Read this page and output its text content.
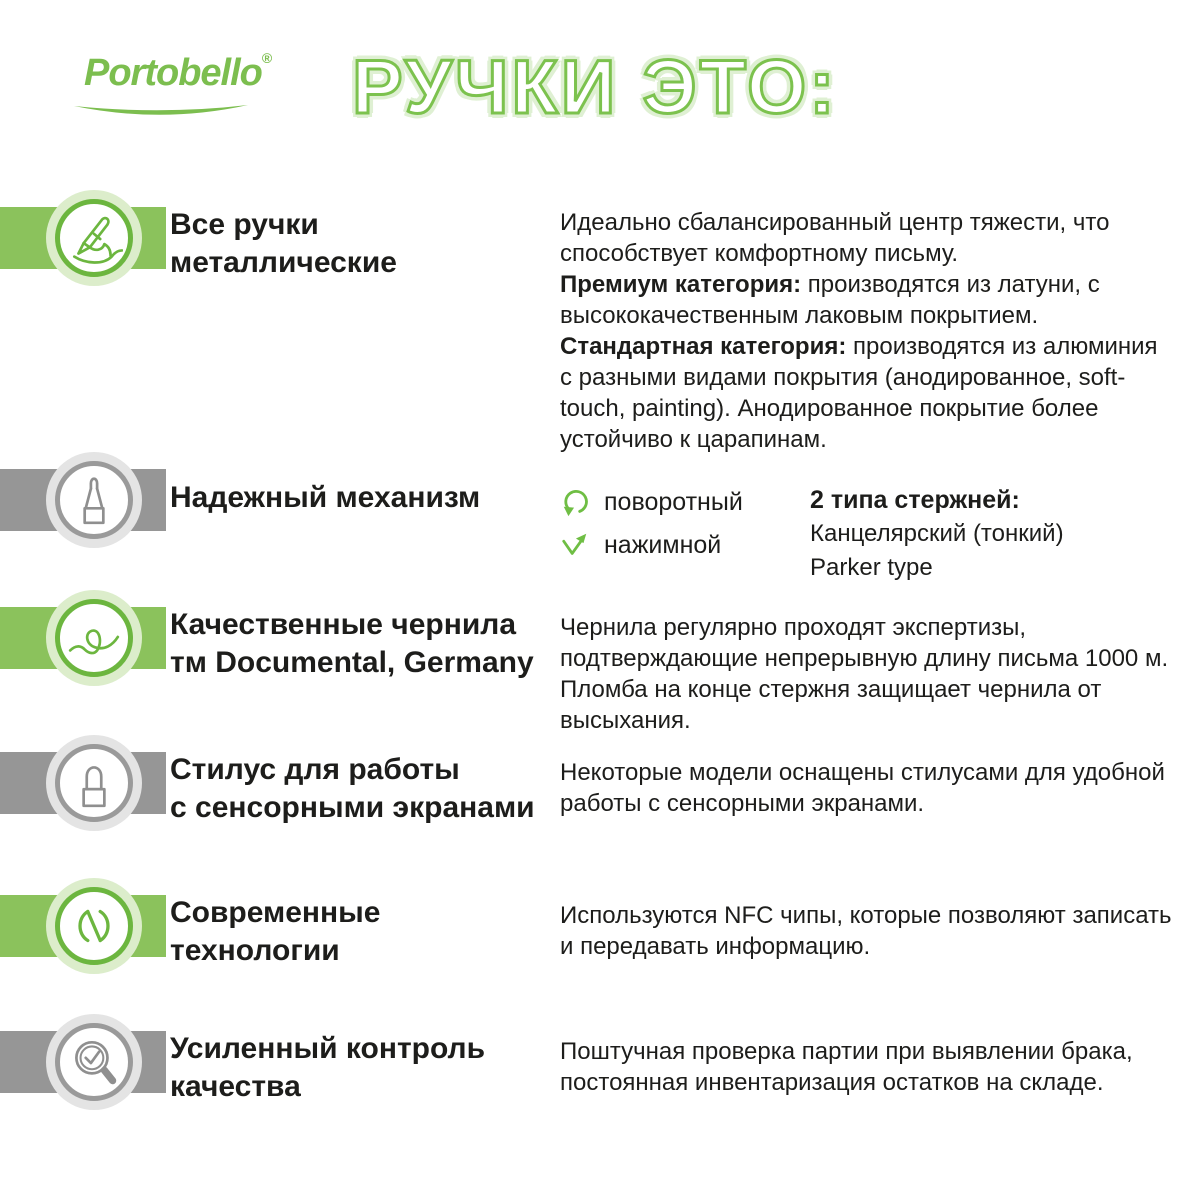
Portobello® РУЧКИ ЭТО:
Все ручки
металлические
Идеально сбалансированный центр тяжести, что способствует комфортному письму.
Премиум категория: производятся из латуни, с высококачественным лаковым покрытием.
Стандартная категория: производятся из алюминия с разными видами покрытия (анодированное, soft-touch, painting). Анодированное покрытие более устойчиво к царапинам.
Надежный механизм	поворотный
нажимной
2 типа стержней:
Канцелярский (тонкий)
Parker type
Качественные чернила
тм Documental, Germany
Чернила регулярно проходят экспертизы, подтверждающие непрерывную длину письма 1000 м. Пломба на конце стержня защищает чернила от высыхания.
Стилус для работы
с сенсорными экранами
Некоторые модели оснащены стилусами для удобной работы с сенсорными экранами.
Современные
технологии
Используются NFC чипы, которые позволяют записать и передавать информацию.
Усиленный контроль
качества
Поштучная проверка партии при выявлении брака, постоянная инвентаризация остатков на складе.
